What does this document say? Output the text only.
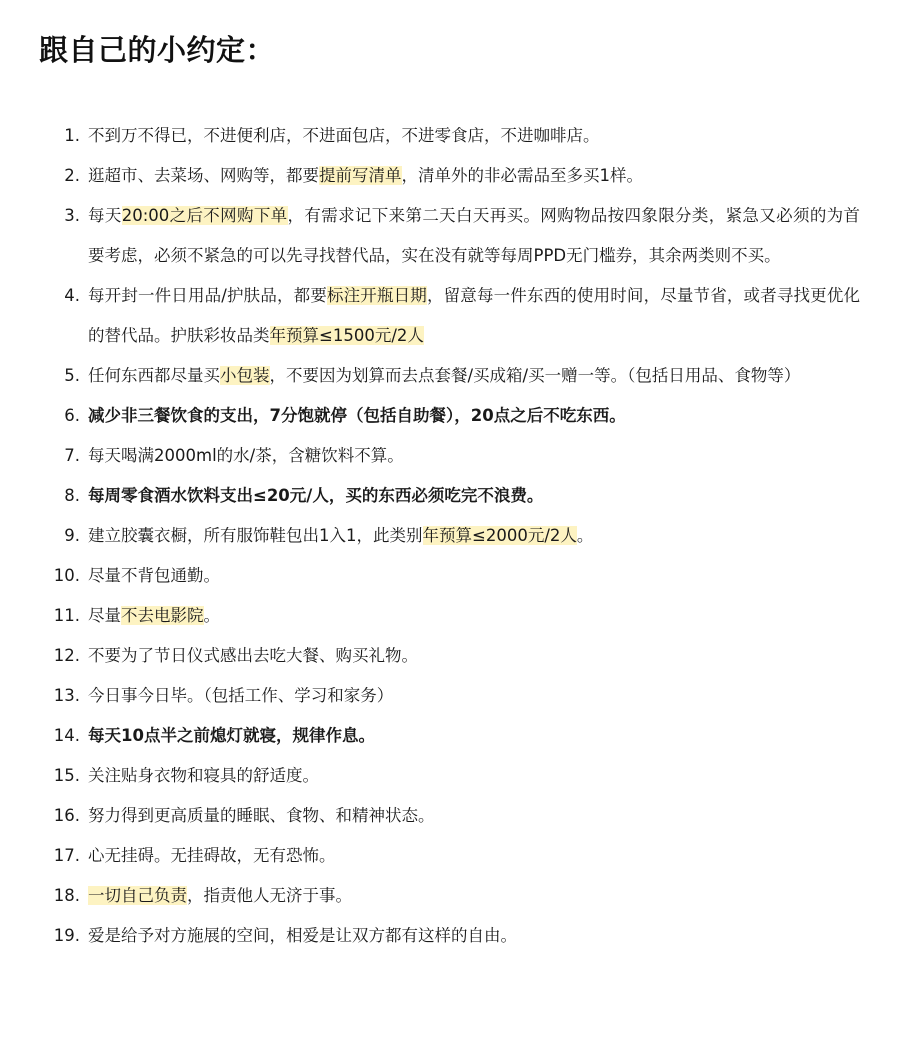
跟自己的小约定：
1. 不到万不得已，不进便利店，不进面包店，不进零食店，不进咖啡店。
2. 逛超市、去菜场、网购等，都要提前写清单，清单外的非必需品至多买1样。
3. 每天20:00之后不网购下单，有需求记下来第二天白天再买。网购物品按四象限分类，紧急又必须的为首要考虑，必须不紧急的可以先寻找替代品，实在没有就等每周PPD无门槛券，其余两类则不买。
4. 每开封一件日用品/护肤品，都要标注开瓶日期，留意每一件东西的使用时间，尽量节省，或者寻找更优化的替代品。护肤彩妆品类年预算≤1500元/2人
5. 任何东西都尽量买小包装，不要因为划算而去点套餐/买成箱/买一赠一等。（包括日用品、食物等）
6. 减少非三餐饮食的支出，7分饱就停（包括自助餐），20点之后不吃东西。
7. 每天喝满2000ml的水/茶，含糖饮料不算。
8. 每周零食酒水饮料支出≤20元/人，买的东西必须吃完不浪费。
9. 建立胶囊衣橱，所有服饰鞋包出1入1，此类别年预算≤2000元/2人。
10. 尽量不背包通勤。
11. 尽量不去电影院。
12. 不要为了节日仪式感出去吃大餐、购买礼物。
13. 今日事今日毕。（包括工作、学习和家务）
14. 每天10点半之前熄灯就寝，规律作息。
15. 关注贴身衣物和寝具的舒适度。
16. 努力得到更高质量的睡眠、食物、和精神状态。
17. 心无挂碍。无挂碍故，无有恐怖。
18. 一切自己负责，指责他人无济于事。
19. 爱是给予对方施展的空间，相爱是让双方都有这样的自由。
